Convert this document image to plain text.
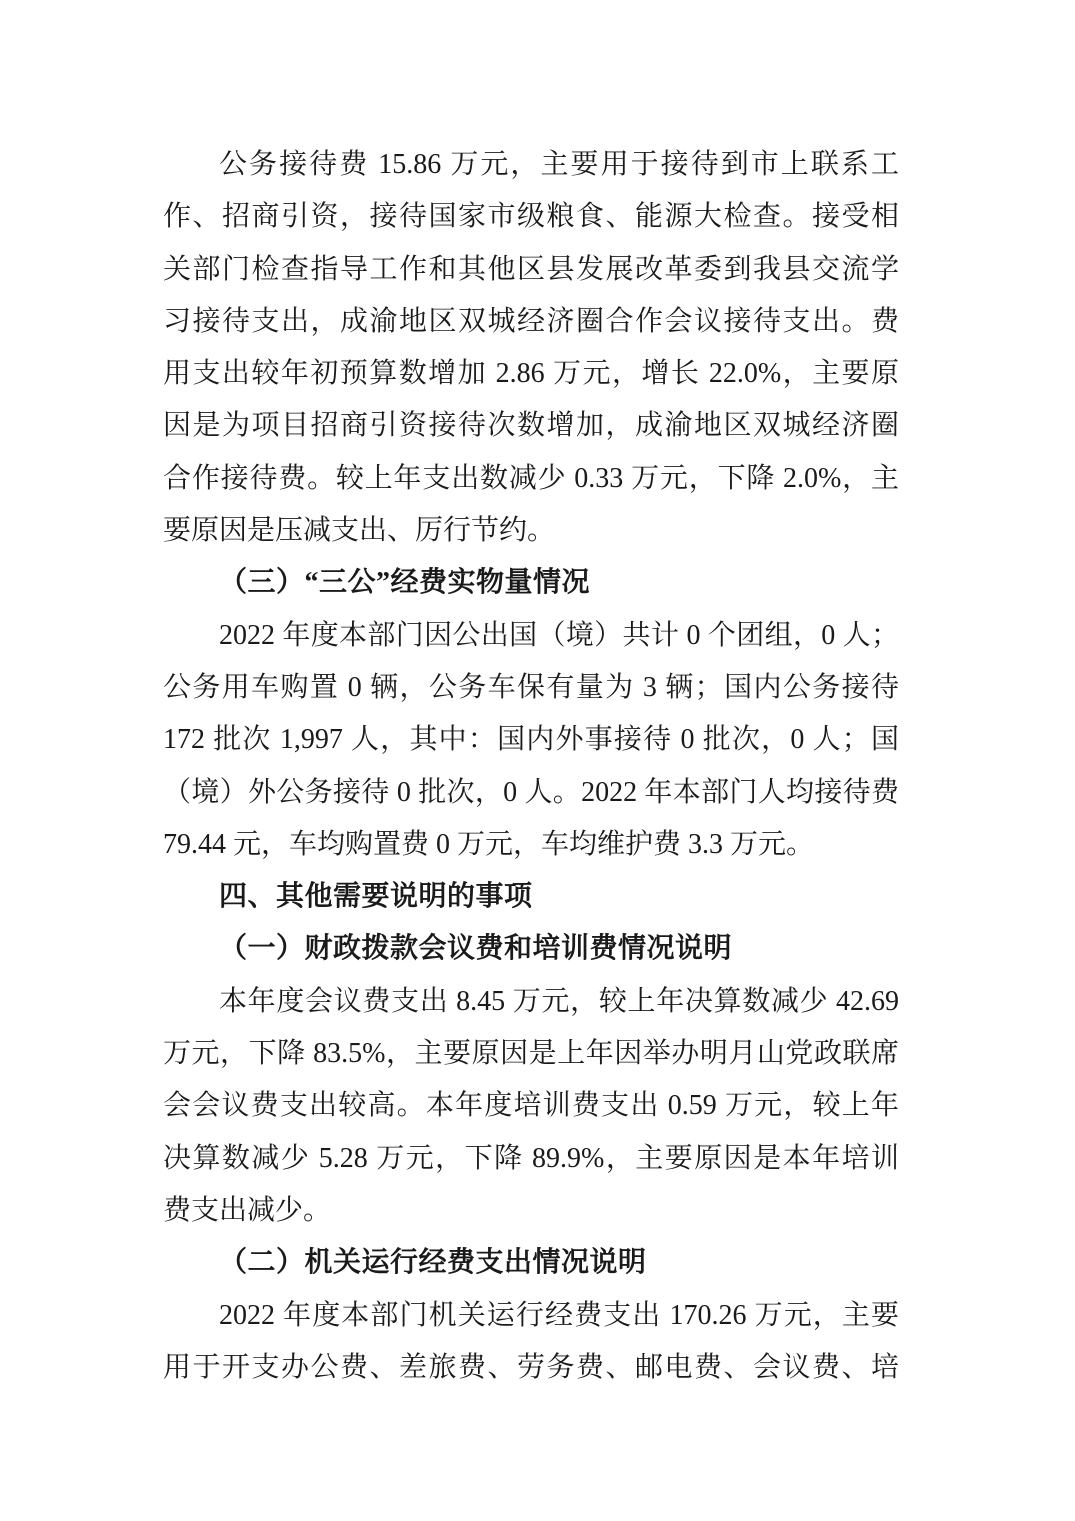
公务接待费 15.86 万元，主要用于接待到市上联系工
作、招商引资，接待国家市级粮食、能源大检查。接受相
关部门检查指导工作和其他区县发展改革委到我县交流学
习接待支出，成渝地区双城经济圈合作会议接待支出。费
用支出较年初预算数增加 2.86 万元，增长 22.0%，主要原
因是为项目招商引资接待次数增加，成渝地区双城经济圈
合作接待费。较上年支出数减少 0.33 万元，下降 2.0%，主
要原因是压减支出、厉行节约。
（三）“三公”经费实物量情况
2022 年度本部门因公出国（境）共计 0 个团组，0 人；
公务用车购置 0 辆，公务车保有量为 3 辆；国内公务接待
172 批次 1,997 人，其中：国内外事接待 0 批次，0 人；国
（境）外公务接待 0 批次，0 人。2022 年本部门人均接待费
79.44 元，车均购置费 0 万元，车均维护费 3.3 万元。
四、其他需要说明的事项
（一）财政拨款会议费和培训费情况说明
本年度会议费支出 8.45 万元，较上年决算数减少 42.69
万元，下降 83.5%，主要原因是上年因举办明月山党政联席
会会议费支出较高。本年度培训费支出 0.59 万元，较上年
决算数减少 5.28 万元，下降 89.9%，主要原因是本年培训
费支出减少。
（二）机关运行经费支出情况说明
2022 年度本部门机关运行经费支出 170.26 万元，主要
用于开支办公费、差旅费、劳务费、邮电费、会议费、培
